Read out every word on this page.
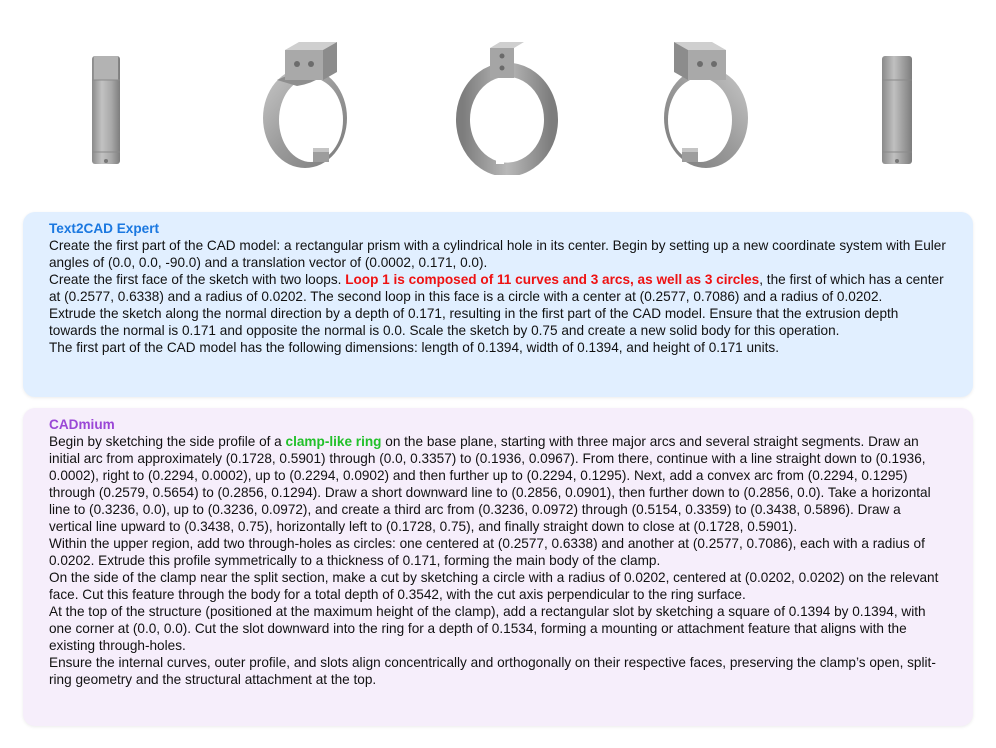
Text2CAD Expert

Create the first part of the CAD model: a rectangular prism with a cylindrical hole in its center. Begin by setting up a new coordinate system with Euler angles of (0.0, 0.0, -90.0) and a translation vector of (0.0002, 0.171, 0.0).

Create the first face of the sketch with two loops. Loop 1 is composed of 11 curves and 3 arcs, as well as 3 circles, the first of which has a center at (0.2577, 0.6338) and a radius of 0.0202. The second loop in this face is a circle with a center at (0.2577, 0.7086) and a radius of 0.0202.

Extrude the sketch along the normal direction by a depth of 0.171, resulting in the first part of the CAD model. Ensure that the extrusion depth towards the normal is 0.171 and opposite the normal is 0.0. Scale the sketch by 0.75 and create a new solid body for this operation.

The first part of the CAD model has the following dimensions: length of 0.1394, width of 0.1394, and height of 0.171 units.

CADmium

Begin by sketching the side profile of a clamp-like ring on the base plane, starting with three major arcs and several straight segments. Draw an initial arc from approximately (0.1728, 0.5901) through (0.0, 0.3357) to (0.1936, 0.0967). From there, continue with a line straight down to (0.1936, 0.0002), right to (0.2294, 0.0002), up to (0.2294, 0.0902) and then further up to (0.2294, 0.1295). Next, add a convex arc from (0.2294, 0.1295) through (0.2579, 0.5654) to (0.2856, 0.1294). Draw a short downward line to (0.2856, 0.0901), then further down to (0.2856, 0.0). Take a horizontal line to (0.3236, 0.0), up to (0.3236, 0.0972), and create a third arc from (0.3236, 0.0972) through (0.5154, 0.3359) to (0.3438, 0.5896). Draw a vertical line upward to (0.3438, 0.75), horizontally left to (0.1728, 0.75), and finally straight down to close at (0.1728, 0.5901).

Within the upper region, add two through-holes as circles: one centered at (0.2577, 0.6338) and another at (0.2577, 0.7086), each with a radius of 0.0202. Extrude this profile symmetrically to a thickness of 0.171, forming the main body of the clamp.

On the side of the clamp near the split section, make a cut by sketching a circle with a radius of 0.0202, centered at (0.0202, 0.0202) on the relevant face. Cut this feature through the body for a total depth of 0.3542, with the cut axis perpendicular to the ring surface.

At the top of the structure (positioned at the maximum height of the clamp), add a rectangular slot by sketching a square of 0.1394 by 0.1394, with one corner at (0.0, 0.0). Cut the slot downward into the ring for a depth of 0.1534, forming a mounting or attachment feature that aligns with the existing through-holes.

Ensure the internal curves, outer profile, and slots align concentrically and orthogonally on their respective faces, preserving the clamp’s open, split-ring geometry and the structural attachment at the top.
